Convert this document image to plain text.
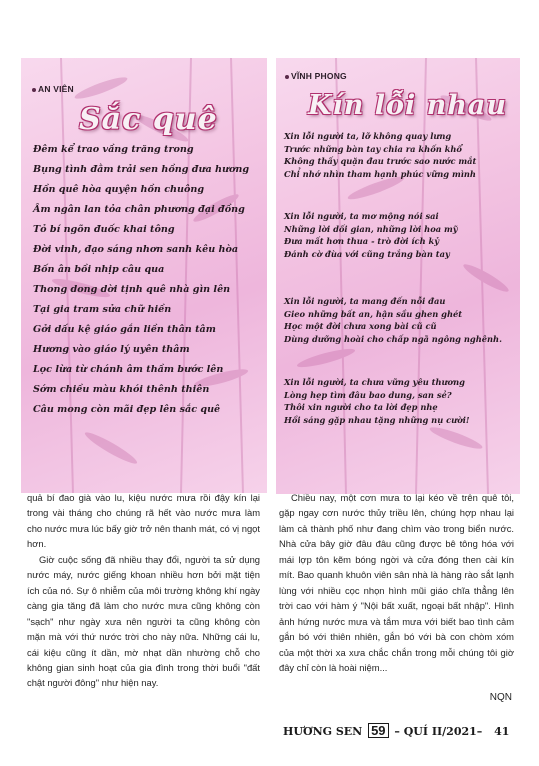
AN VIÊN
Sắc quê
Đêm kể trao vầng trăng trong
Bụng tình đằm trải sen hồng đưa hương
Hồn quê hòa quyện hồn chuông
Âm ngân lan tỏa chân phương đại đồng
Tỏ bí ngõn đuốc khai tông
Đời vinh, đạo sáng nhơn sanh kêu hòa
Bốn ân bồi nhịp câu qua
Thong dong dời tịnh quê nhà gìn lên
Tại gia tram sửa chữ hiền
Gởi dấu kệ giáo gắn liền thân tâm
Hương vào giáo lý uyên thâm
Lọc lừa từ chánh âm thầm bước lên
Sớm chiều màu khói thênh thiên
Câu mong còn mãi đẹp lên sắc quê
VĨNH PHONG
Kín lỗi nhau
Xin lỗi người ta, lỡ không quay lưng
Trước những bàn tay chia ra khốn khổ
Không thấy quặn đau trước sao nước mắt
Chỉ nhớ nhìn tham hạnh phúc vững mình
Xin lỗi người, ta mơ mộng nói sai
Những lời dối gian, những lời hoa mỹ
Đưa mất hơn thua - trò đời ích kỷ
Đánh cờ đùa với cũng trắng bàn tay
Xin lỗi người, ta mang đến nỗi đau
Gieo những bất an, hận sầu ghen ghét
Học một đời chưa xong bài cũ cũ
Dùng dưỡng hoài cho chấp ngã ngông nghênh.
Xin lỗi người, ta chưa vững yêu thương
Lòng hẹp tìm đâu bao dung, san sẻ?
Thôi xin người cho ta lời đẹp nhẹ
Hồi sáng gặp nhau tặng những nụ cười!

quả bí đao già vào lu, kiệu nước mưa rồi đậy kín lại trong vài tháng cho chúng rã hết vào nước mưa làm cho nước mưa lúc bấy giờ trở nên thanh mát, có vị ngọt hơn.

Giờ cuộc sống đã nhiều thay đổi, người ta sử dụng nước máy, nước giếng khoan nhiều hơn bởi mặt tiện ích của nó. Sự ô nhiễm của môi trường không khí ngày càng gia tăng đã làm cho nước mưa cũng không còn "sạch" như ngày xưa nên người ta cũng không còn mặn mà với thứ nước trời cho này nữa. Những cái lu, cái kiệu cũng ít dần, mờ nhạt dần nhường chỗ cho không gian sinh hoạt của gia đình trong thời buổi "đất chật người đông" như hiện nay.

Chiều nay, một cơn mưa to lại kéo về trên quê tôi, gặp ngay cơn nước thủy triều lên, chúng hợp nhau lại làm cả thành phố như đang chìm vào trong biển nước. Nhà cửa bây giờ đâu đâu cũng được bê tông hóa với mái lợp tôn kẽm bóng ngời và cửa đóng then cài kín mít. Bao quanh khuôn viên sân nhà là hàng rào sắt lạnh lùng với nhiều cọc nhọn hình mũi giáo chĩa thẳng lên trời cao với hàm ý "Nội bất xuất, ngoại bất nhập". Hình ảnh hứng nước mưa và tắm mưa với biết bao tình cảm gắn bó với thiên nhiên, gắn bó với bà con chòm xóm của một thời xa xưa chắc chắn trong mỗi chúng tôi giờ đây chỉ còn là hoài niệm...

NQN
HƯƠNG SEN 59 – QUÍ II/2021– 41
